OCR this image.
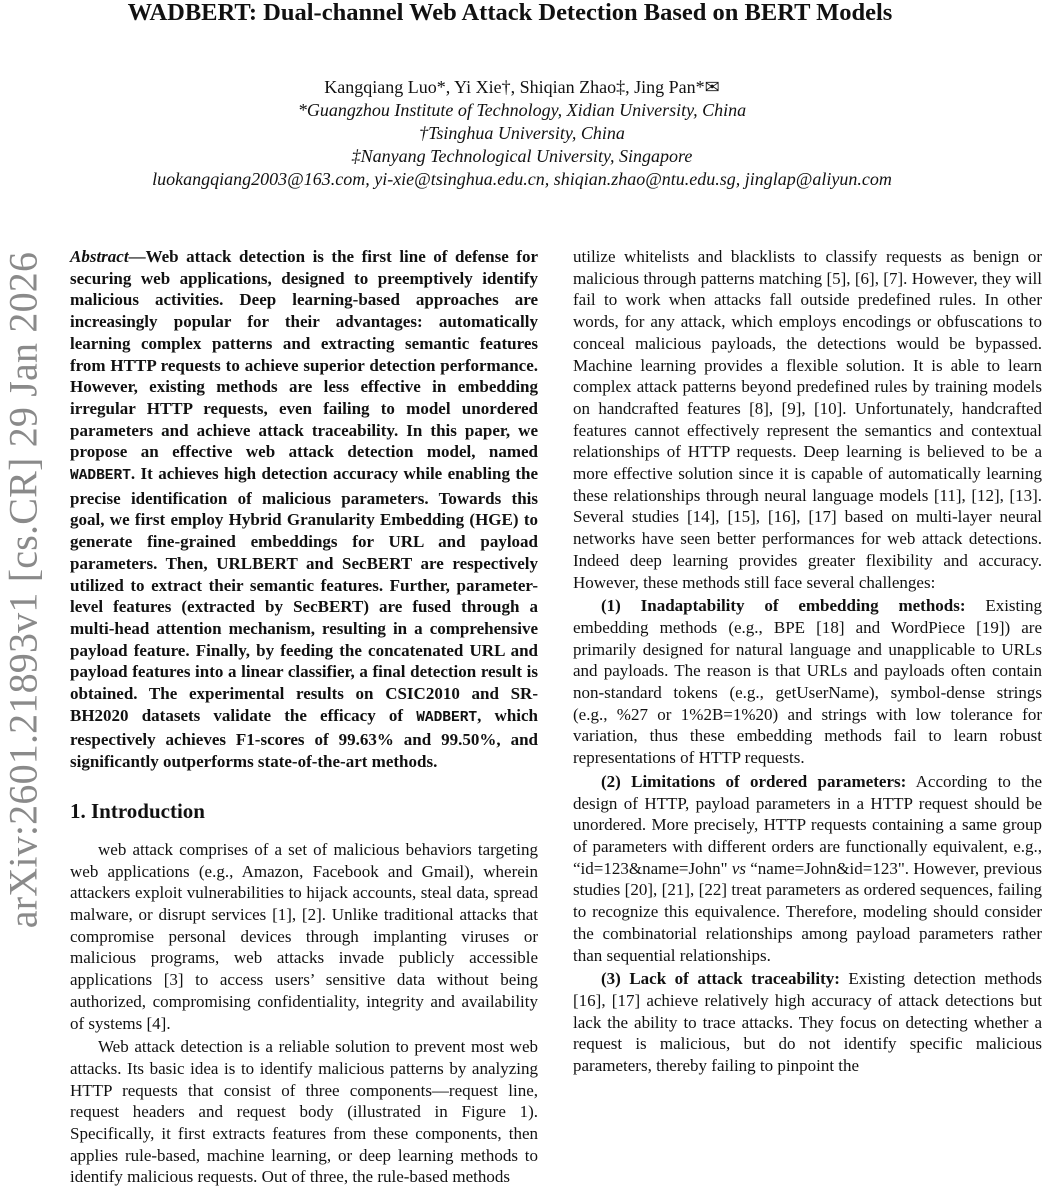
arXiv:2601.21893v1 [cs.CR] 29 Jan 2026
WADBERT: Dual-channel Web Attack Detection Based on BERT Models
Kangqiang Luo*, Yi Xie†, Shiqian Zhao‡, Jing Pan*✉
*Guangzhou Institute of Technology, Xidian University, China
†Tsinghua University, China
‡Nanyang Technological University, Singapore
luokangqiang2003@163.com, yi-xie@tsinghua.edu.cn, shiqian.zhao@ntu.edu.sg, jinglap@aliyun.com

Abstract—Web attack detection is the first line of defense for securing web applications, designed to preemptively identify malicious activities. Deep learning-based approaches are increasingly popular for their advantages: automatically learning complex patterns and extracting semantic features from HTTP requests to achieve superior detection performance. However, existing methods are less effective in embedding irregular HTTP requests, even failing to model unordered parameters and achieve attack traceability. In this paper, we propose an effective web attack detection model, named WADBERT. It achieves high detection accuracy while enabling the precise identification of malicious parameters. Towards this goal, we first employ Hybrid Granularity Embedding (HGE) to generate fine-grained embeddings for URL and payload parameters. Then, URLBERT and SecBERT are respectively utilized to extract their semantic features. Further, parameter-level features (extracted by SecBERT) are fused through a multi-head attention mechanism, resulting in a comprehensive payload feature. Finally, by feeding the concatenated URL and payload features into a linear classifier, a final detection result is obtained. The experimental results on CSIC2010 and SR-BH2020 datasets validate the efficacy of WADBERT, which respectively achieves F1-scores of 99.63% and 99.50%, and significantly outperforms state-of-the-art methods.

1. Introduction

web attack comprises of a set of malicious behaviors targeting web applications (e.g., Amazon, Facebook and Gmail), wherein attackers exploit vulnerabilities to hijack accounts, steal data, spread malware, or disrupt services [1], [2]. Unlike traditional attacks that compromise personal devices through implanting viruses or malicious programs, web attacks invade publicly accessible applications [3] to access users’ sensitive data without being authorized, compromising confidentiality, integrity and availability of systems [4].

Web attack detection is a reliable solution to prevent most web attacks. Its basic idea is to identify malicious patterns by analyzing HTTP requests that consist of three components—request line, request headers and request body (illustrated in Figure 1). Specifically, it first extracts features from these components, then applies rule-based, machine learning, or deep learning methods to identify malicious requests. Out of three, the rule-based methods

utilize whitelists and blacklists to classify requests as benign or malicious through patterns matching [5], [6], [7]. However, they will fail to work when attacks fall outside predefined rules. In other words, for any attack, which employs encodings or obfuscations to conceal malicious payloads, the detections would be bypassed. Machine learning provides a flexible solution. It is able to learn complex attack patterns beyond predefined rules by training models on handcrafted features [8], [9], [10]. Unfortunately, handcrafted features cannot effectively represent the semantics and contextual relationships of HTTP requests. Deep learning is believed to be a more effective solution since it is capable of automatically learning these relationships through neural language models [11], [12], [13]. Several studies [14], [15], [16], [17] based on multi-layer neural networks have seen better performances for web attack detections. Indeed deep learning provides greater flexibility and accuracy. However, these methods still face several challenges:

(1) Inadaptability of embedding methods: Existing embedding methods (e.g., BPE [18] and WordPiece [19]) are primarily designed for natural language and unapplicable to URLs and payloads. The reason is that URLs and payloads often contain non-standard tokens (e.g., getUserName), symbol-dense strings (e.g., %27 or 1%2B=1%20) and strings with low tolerance for variation, thus these embedding methods fail to learn robust representations of HTTP requests.

(2) Limitations of ordered parameters: According to the design of HTTP, payload parameters in a HTTP request should be unordered. More precisely, HTTP requests containing a same group of parameters with different orders are functionally equivalent, e.g., “id=123&name=John" vs “name=John&id=123". However, previous studies [20], [21], [22] treat parameters as ordered sequences, failing to recognize this equivalence. Therefore, modeling should consider the combinatorial relationships among payload parameters rather than sequential relationships.

(3) Lack of attack traceability: Existing detection methods [16], [17] achieve relatively high accuracy of attack detections but lack the ability to trace attacks. They focus on detecting whether a request is malicious, but do not identify specific malicious parameters, thereby failing to pinpoint the
